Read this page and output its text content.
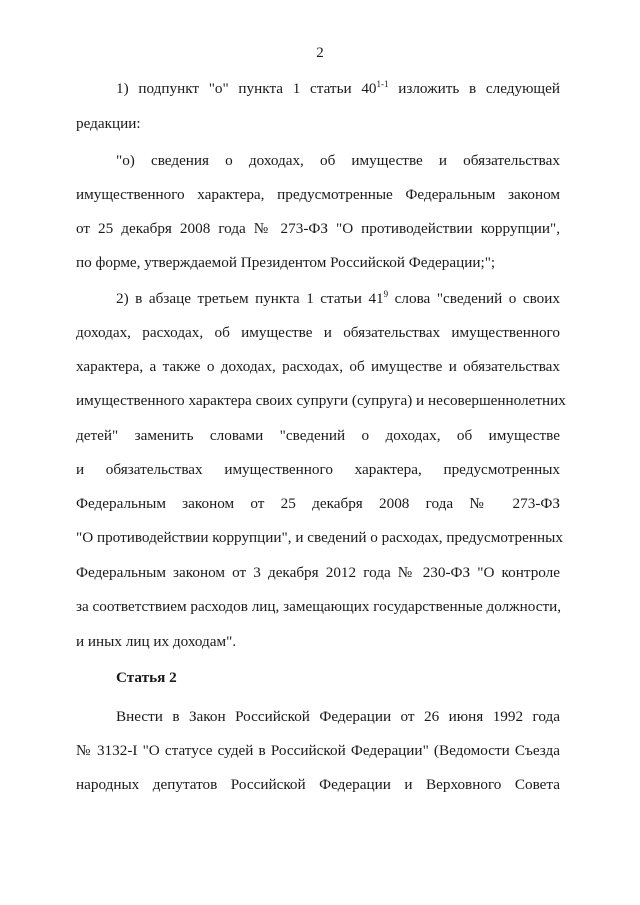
2
1) подпункт "о" пункта 1 статьи 40$^{1-1}$ изложить в следующей
редакции:
"о) сведения о доходах, об имуществе и обязательствах
имущественного характера, предусмотренные Федеральным законом
от 25 декабря 2008 года № 273-ФЗ "О противодействии коррупции",
по форме, утверждаемой Президентом Российской Федерации;";
2) в абзаце третьем пункта 1 статьи $41^9$ слова "сведений о своих
доходах, расходах, об имуществе и обязательствах имущественного
характера, а также о доходах, расходах, об имуществе и обязательствах
имущественного характера своих супруги (супруга) и несовершеннолетних
детей" заменить словами "сведений о доходах, об имуществе
и обязательствах имущественного характера, предусмотренных
Федеральным законом от 25 декабря 2008 года № 273-ФЗ
"О противодействии коррупции", и сведений о расходах, предусмотренных
Федеральным законом от 3 декабря 2012 года № 230-ФЗ "О контроле
за соответствием расходов лиц, замещающих государственные должности,
и иных лиц их доходам".
Статья 2
Внести в Закон Российской Федерации от 26 июня 1992 года
№ 3132-I "О статусе судей в Российской Федерации" (Ведомости Съезда
народных депутатов Российской Федерации и Верховного Совета
